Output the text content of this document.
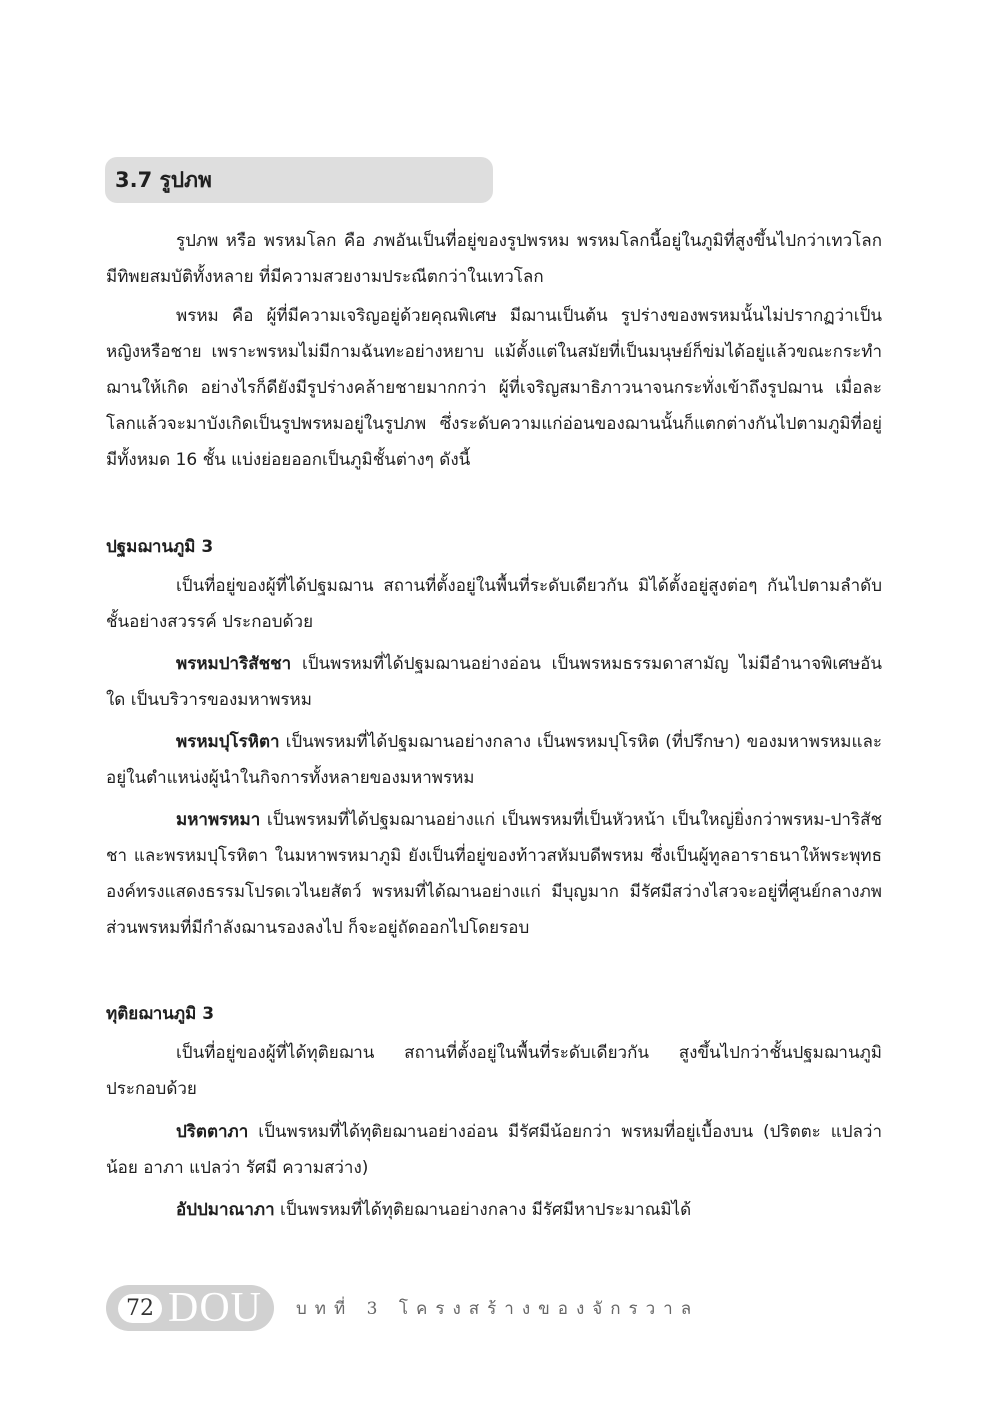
3.7 รูปภพ

รูปภพ หรือ พรหมโลก คือ ภพอันเป็นที่อยู่ของรูปพรหม พรหมโลกนี้อยู่ในภูมิที่สูงขึ้นไปกว่าเทวโลก มีทิพยสมบัติทั้งหลาย ที่มีความสวยงามประณีตกว่าในเทวโลก

พรหม คือ ผู้ที่มีความเจริญอยู่ด้วยคุณพิเศษ มีฌานเป็นต้น รูปร่างของพรหมนั้นไม่ปรากฏว่าเป็นหญิงหรือชาย เพราะพรหมไม่มีกามฉันทะอย่างหยาบ แม้ตั้งแต่ในสมัยที่เป็นมนุษย์ก็ข่มได้อยู่แล้วขณะกระทำฌานให้เกิด อย่างไรก็ดียังมีรูปร่างคล้ายชายมากกว่า ผู้ที่เจริญสมาธิภาวนาจนกระทั่งเข้าถึงรูปฌาน เมื่อละโลกแล้วจะมาบังเกิดเป็นรูปพรหมอยู่ในรูปภพ ซึ่งระดับความแก่อ่อนของฌานนั้นก็แตกต่างกันไปตามภูมิที่อยู่มีทั้งหมด 16 ชั้น แบ่งย่อยออกเป็นภูมิชั้นต่างๆ ดังนี้

ปฐมฌานภูมิ 3

เป็นที่อยู่ของผู้ที่ได้ปฐมฌาน สถานที่ตั้งอยู่ในพื้นที่ระดับเดียวกัน มิได้ตั้งอยู่สูงต่อๆ กันไปตามลำดับชั้นอย่างสวรรค์ ประกอบด้วย

พรหมปาริสัชชา เป็นพรหมที่ได้ปฐมฌานอย่างอ่อน เป็นพรหมธรรมดาสามัญ ไม่มีอำนาจพิเศษอันใด เป็นบริวารของมหาพรหม

พรหมปุโรหิตา เป็นพรหมที่ได้ปฐมฌานอย่างกลาง เป็นพรหมปุโรหิต (ที่ปรึกษา) ของมหาพรหมและอยู่ในตำแหน่งผู้นำในกิจการทั้งหลายของมหาพรหม

มหาพรหมา เป็นพรหมที่ได้ปฐมฌานอย่างแก่ เป็นพรหมที่เป็นหัวหน้า เป็นใหญ่ยิ่งกว่าพรหม-ปาริสัชชา และพรหมปุโรหิตา ในมหาพรหมาภูมิ ยังเป็นที่อยู่ของท้าวสหัมบดีพรหม ซึ่งเป็นผู้ทูลอาราธนาให้พระพุทธองค์ทรงแสดงธรรมโปรดเวไนยสัตว์ พรหมที่ได้ฌานอย่างแก่ มีบุญมาก มีรัศมีสว่างไสวจะอยู่ที่ศูนย์กลางภพ ส่วนพรหมที่มีกำลังฌานรองลงไป ก็จะอยู่ถัดออกไปโดยรอบ

ทุติยฌานภูมิ 3

เป็นที่อยู่ของผู้ที่ได้ทุติยฌาน สถานที่ตั้งอยู่ในพื้นที่ระดับเดียวกัน สูงขึ้นไปกว่าชั้นปฐมฌานภูมิประกอบด้วย

ปริตตาภา เป็นพรหมที่ได้ทุติยฌานอย่างอ่อน มีรัศมีน้อยกว่า พรหมที่อยู่เบื้องบน (ปริตตะ แปลว่า น้อย อาภา แปลว่า รัศมี ความสว่าง)

อัปปมาณาภา เป็นพรหมที่ได้ทุติยฌานอย่างกลาง มีรัศมีหาประมาณมิได้

72 DOU บทที่ 3 โครงสร้างของจักรวาล
